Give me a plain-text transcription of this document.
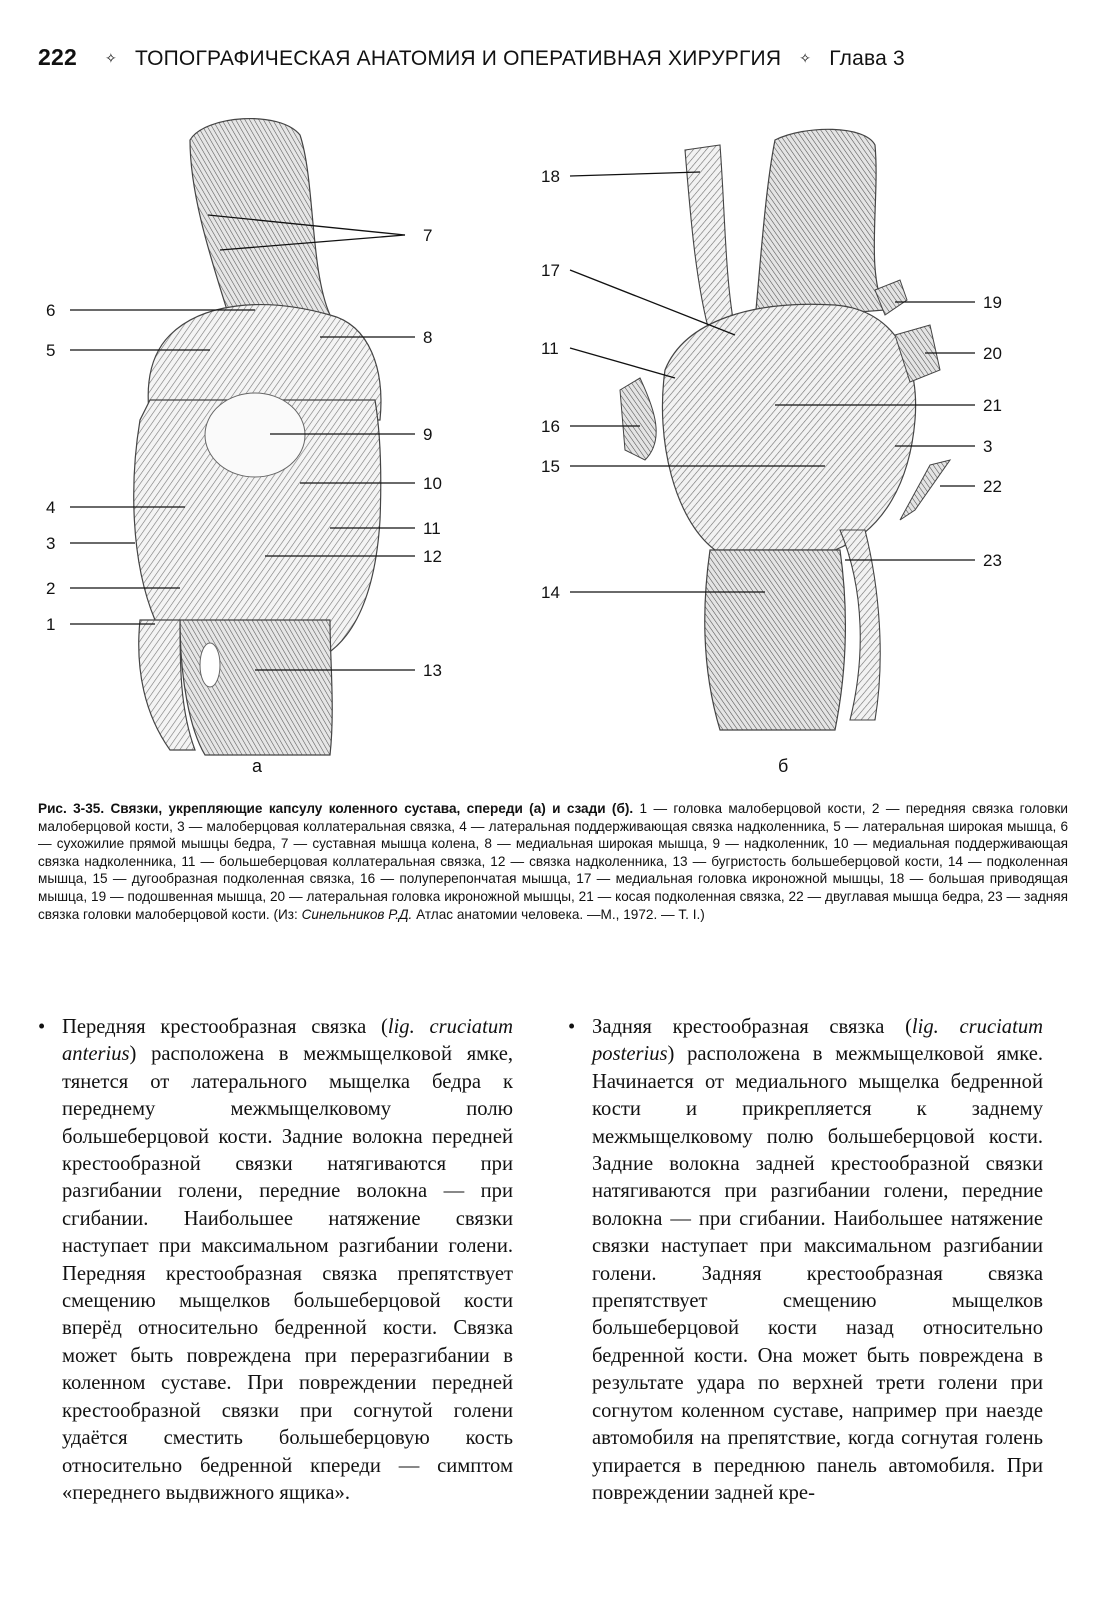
222 ✧ ТОПОГРАФИЧЕСКАЯ АНАТОМИЯ И ОПЕРАТИВНАЯ ХИРУРГИЯ ✧ Глава 3
7
6
8
5
9
10
4
11
3
12
2
1
13
а
18
17
19
11	20
21
16
3
15
22
23
14
б
Рис. 3-35. Связки, укрепляющие капсулу коленного сустава, спереди (а) и сзади (б). 1 — головка малоберцовой кости, 2 — передняя связка головки малоберцовой кости, 3 — малоберцовая коллатеральная связка, 4 — латеральная поддерживающая связка надколенника, 5 — латеральная широкая мышца, 6 — сухожилие прямой мышцы бедра, 7 — суставная мышца колена, 8 — медиальная широкая мышца, 9 — надколенник, 10 — медиальная поддерживающая связка надколенника, 11 — большеберцовая коллатеральная связка, 12 — связка надколенника, 13 — бугристость большеберцовой кости, 14 — подколенная мышца, 15 — дугообразная подколенная связка, 16 — полуперепончатая мышца, 17 — медиальная головка икроножной мышцы, 18 — большая приводящая мышца, 19 — подошвенная мышца, 20 — латеральная головка икроножной мышцы, 21 — косая подколенная связка, 22 — двуглавая мышца бедра, 23 — задняя связка головки малоберцовой кости. (Из: Синельников Р.Д. Атлас анатомии человека. —М., 1972. — Т. I.)
• Передняя крестообразная связка (lig. cruciatum anterius) расположена в межмыщелковой ямке, тянется от латерального мыщелка бедра к переднему межмыщелковому полю большеберцовой кости. Задние волокна передней крестообразной связки натягиваются при разгибании голени, передние волокна — при сгибании. Наибольшее натяжение связки наступает при максимальном разгибании голени. Передняя крестообразная связка препятствует смещению мыщелков большеберцовой кости вперёд относительно бедренной кости. Связка может быть повреждена при переразгибании в коленном суставе. При повреждении передней крестообразной связки при согнутой голени удаётся сместить большеберцовую кость относительно бедренной кпереди — симптом «переднего выдвижного ящика».
• Задняя крестообразная связка (lig. cruciatum posterius) расположена в межмыщелковой ямке. Начинается от медиального мыщелка бедренной кости и прикрепляется к заднему межмыщелковому полю большеберцовой кости. Задние волокна задней крестообразной связки натягиваются при разгибании голени, передние волокна — при сгибании. Наибольшее натяжение связки наступает при максимальном разгибании голени. Задняя крестообразная связка препятствует смещению мыщелков большеберцовой кости назад относительно бедренной кости. Она может быть повреждена в результате удара по верхней трети голени при согнутом коленном суставе, например при наезде автомобиля на препятствие, когда согнутая голень упирается в переднюю панель автомобиля. При повреждении задней кре-
